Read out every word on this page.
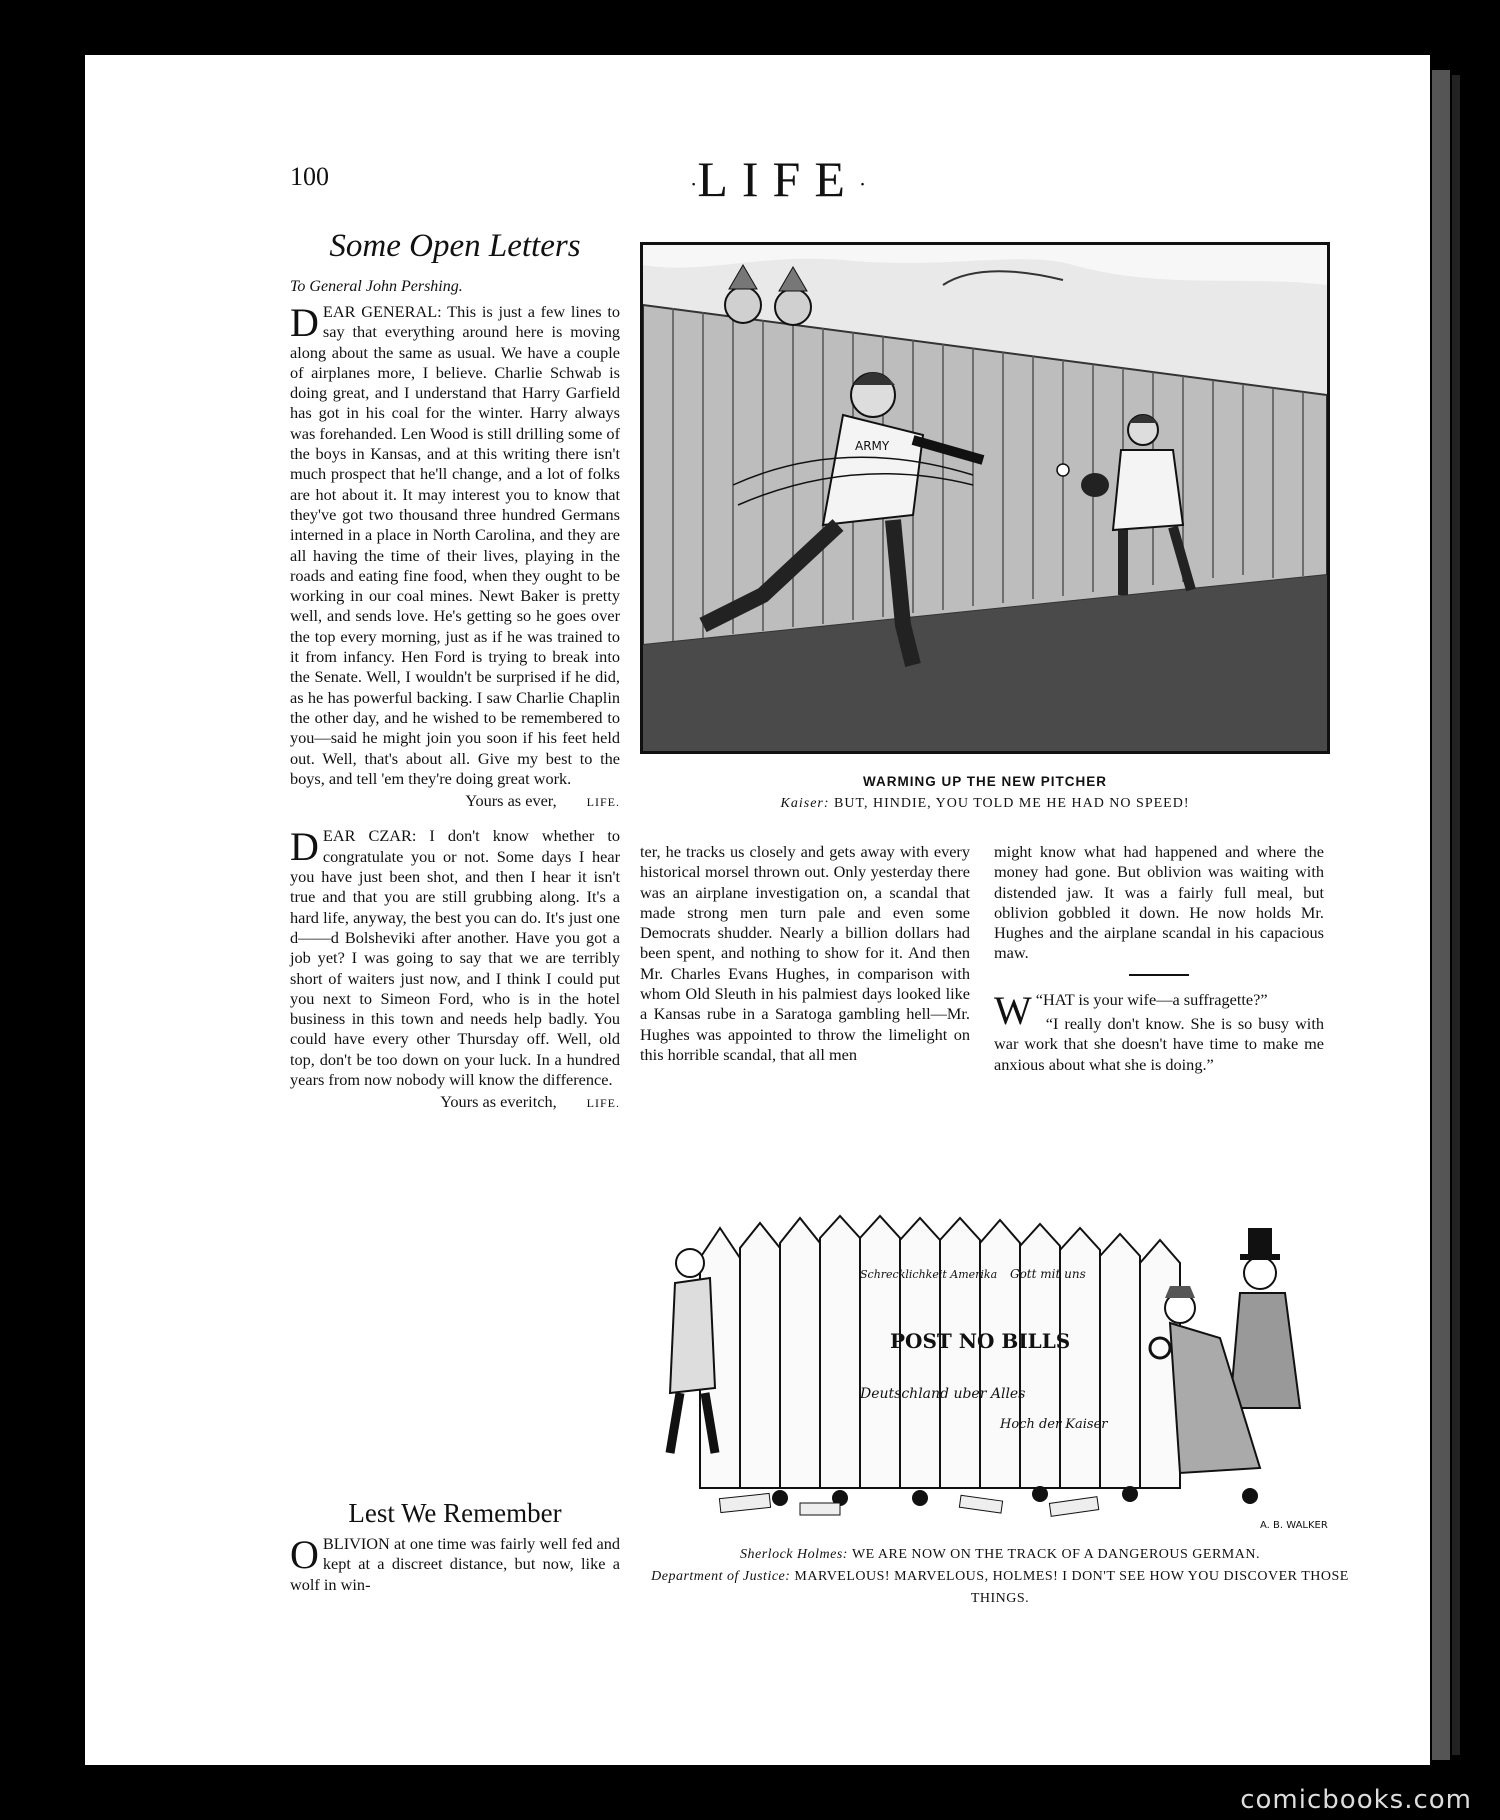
100	·LIFE·
Some Open Letters
To General John Pershing.

DEAR GENERAL: This is just a few lines to say that everything around here is moving along about the same as usual. We have a couple of airplanes more, I believe. Charlie Schwab is doing great, and I understand that Harry Garfield has got in his coal for the winter. Harry always was forehanded. Len Wood is still drilling some of the boys in Kansas, and at this writing there isn't much prospect that he'll change, and a lot of folks are hot about it. It may interest you to know that they've got two thousand three hundred Germans interned in a place in North Carolina, and they are all having the time of their lives, playing in the roads and eating fine food, when they ought to be working in our coal mines. Newt Baker is pretty well, and sends love. He's getting so he goes over the top every morning, just as if he was trained to it from infancy. Hen Ford is trying to break into the Senate. Well, I wouldn't be surprised if he did, as he has powerful backing. I saw Charlie Chaplin the other day, and he wished to be remembered to you—said he might join you soon if his feet held out. Well, that's about all. Give my best to the boys, and tell 'em they're doing great work.

Yours as ever,	LIFE.

DEAR CZAR: I don't know whether to congratulate you or not. Some days I hear you have just been shot, and then I hear it isn't true and that you are still grubbing along. It's a hard life, anyway, the best you can do. It's just one d——d Bolsheviki after another. Have you got a job yet? I was going to say that we are terribly short of waiters just now, and I think I could put you next to Simeon Ford, who is in the hotel business in this town and needs help badly. You could have every other Thursday off. Well, old top, don't be too down on your luck. In a hundred years from now nobody will know the difference.

Yours as everitch,	LIFE.
Lest We Remember

OBLIVION at one time was fairly well fed and kept at a discreet distance, but now, like a wolf in win-

ter, he tracks us closely and gets away with every historical morsel thrown out. Only yesterday there was an airplane investigation on, a scandal that made strong men turn pale and even some Democrats shudder. Nearly a billion dollars had been spent, and nothing to show for it. And then Mr. Charles Evans Hughes, in comparison with whom Old Sleuth in his palmiest days looked like a Kansas rube in a Saratoga gambling hell—Mr. Hughes was appointed to throw the limelight on this horrible scandal, that all men

might know what had happened and where the money had gone. But oblivion was waiting with distended jaw. It was a fairly full meal, but oblivion gobbled it down. He now holds Mr. Hughes and the airplane scandal in his capacious maw.

“
W HAT is your wife—a suffragette?”

“I really don't know. She is so busy with war work that she doesn't have time to make me anxious about what she is doing.”

ARMY
WARMING UP THE NEW PITCHER
Kaiser: BUT, HINDIE, YOU TOLD ME HE HAD NO SPEED!
POST NO BILLS
Deutschland uber Alles
Hoch der Kaiser
Gott mit uns
Schrecklichkeit Amerika
A. B. WALKER
Sherlock Holmes: WE ARE NOW ON THE TRACK OF A DANGEROUS GERMAN.
Department of Justice: MARVELOUS! MARVELOUS, HOLMES! I DON'T SEE HOW YOU DISCOVER THOSE THINGS.
comicbooks.com
